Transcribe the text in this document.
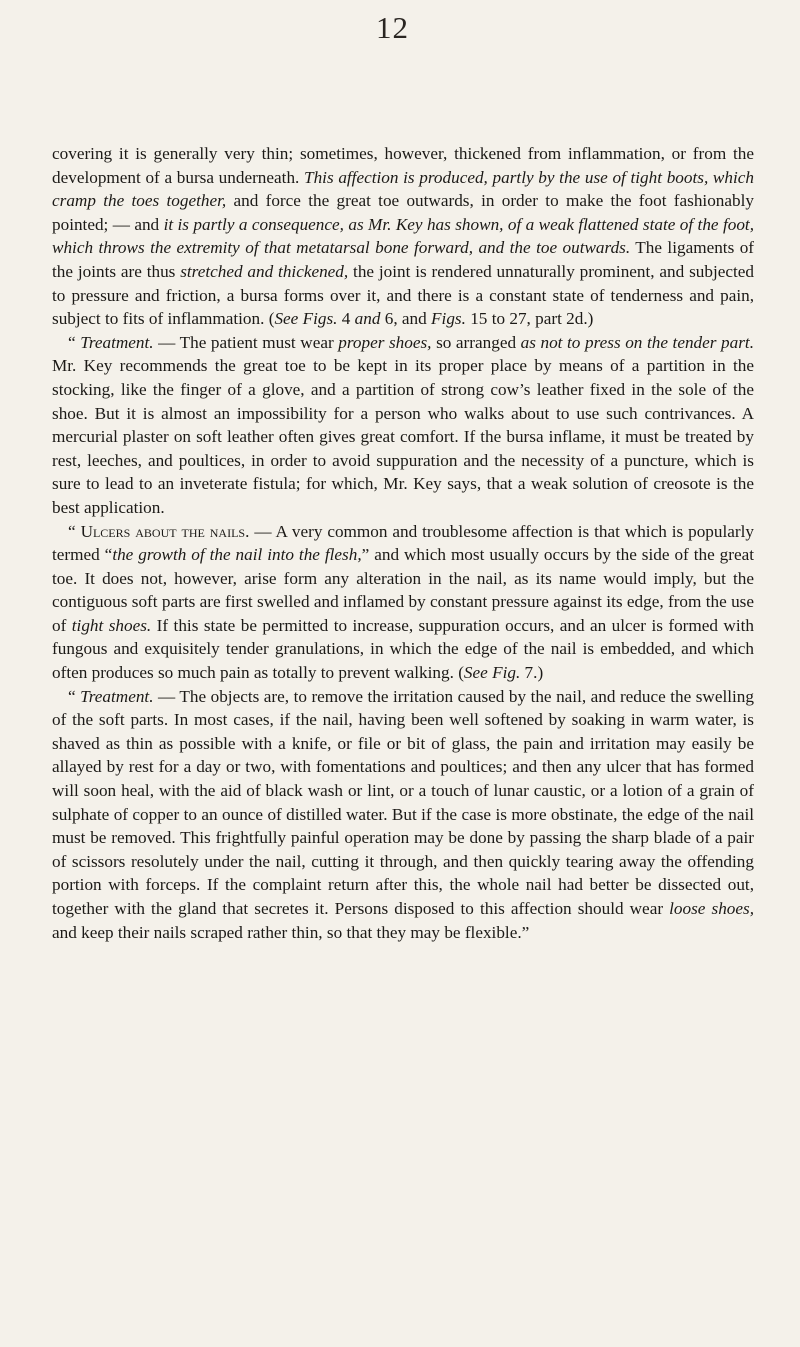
12

covering it is generally very thin; sometimes, however, thickened from inflammation, or from the development of a bursa underneath. This affection is produced, partly by the use of tight boots, which cramp the toes together, and force the great toe outwards, in order to make the foot fashionably pointed; — and it is partly a consequence, as Mr. Key has shown, of a weak flattened state of the foot, which throws the extremity of that metatarsal bone forward, and the toe outwards. The ligaments of the joints are thus stretched and thickened, the joint is rendered unnaturally prominent, and subjected to pressure and friction, a bursa forms over it, and there is a constant state of tenderness and pain, subject to fits of inflammation. (See Figs. 4 and 6, and Figs. 15 to 27, part 2d.)

“ Treatment. — The patient must wear proper shoes, so arranged as not to press on the tender part. Mr. Key recommends the great toe to be kept in its proper place by means of a partition in the stocking, like the finger of a glove, and a partition of strong cow’s leather fixed in the sole of the shoe. But it is almost an impossibility for a person who walks about to use such contrivances. A mercurial plaster on soft leather often gives great comfort. If the bursa inflame, it must be treated by rest, leeches, and poultices, in order to avoid suppuration and the necessity of a puncture, which is sure to lead to an inveterate fistula; for which, Mr. Key says, that a weak solution of creosote is the best application.

“ Ulcers about the nails. — A very common and troublesome affection is that which is popularly termed “the growth of the nail into the flesh,” and which most usually occurs by the side of the great toe. It does not, however, arise form any alteration in the nail, as its name would imply, but the contiguous soft parts are first swelled and inflamed by constant pressure against its edge, from the use of tight shoes. If this state be permitted to increase, suppuration occurs, and an ulcer is formed with fungous and exquisitely tender granulations, in which the edge of the nail is embedded, and which often produces so much pain as totally to prevent walking. (See Fig. 7.)

“ Treatment. — The objects are, to remove the irritation caused by the nail, and reduce the swelling of the soft parts. In most cases, if the nail, having been well softened by soaking in warm water, is shaved as thin as possible with a knife, or file or bit of glass, the pain and irritation may easily be allayed by rest for a day or two, with fomentations and poultices; and then any ulcer that has formed will soon heal, with the aid of black wash or lint, or a touch of lunar caustic, or a lotion of a grain of sulphate of copper to an ounce of distilled water. But if the case is more obstinate, the edge of the nail must be removed. This frightfully painful operation may be done by passing the sharp blade of a pair of scissors resolutely under the nail, cutting it through, and then quickly tearing away the offending portion with forceps. If the complaint return after this, the whole nail had better be dissected out, together with the gland that secretes it. Persons disposed to this affection should wear loose shoes, and keep their nails scraped rather thin, so that they may be flexible.”
